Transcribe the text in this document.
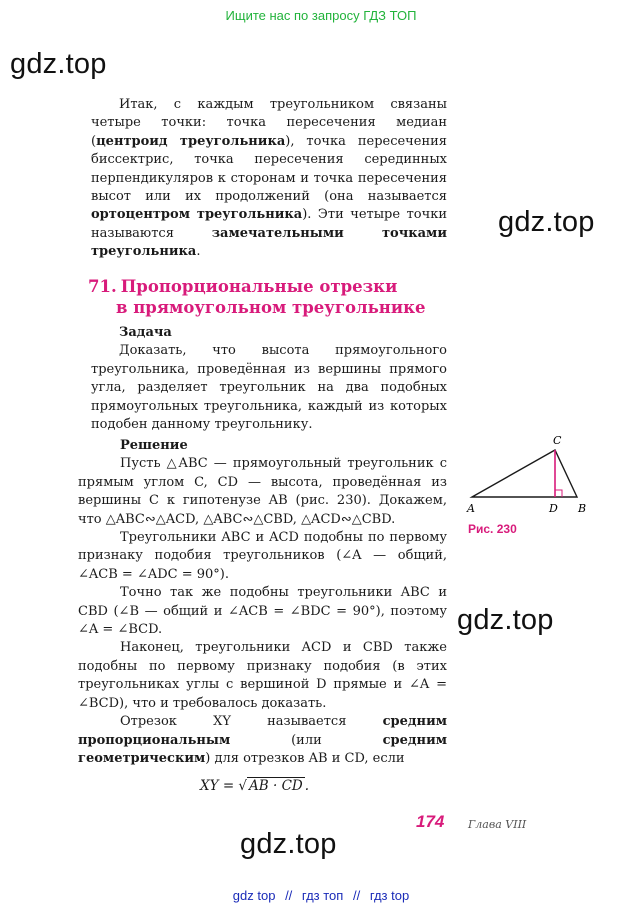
Ищите нас по запросу ГДЗ ТОП
gdz.top
gdz.top
gdz.top
gdz.top

Итак, с каждым треугольником связаны четыре точки: точка пересечения медиан (центроид треугольника), точка пересечения биссектрис, точка пересечения серединных перпендикуляров к сторонам и точка пересечения высот или их продолжений (она называется ортоцентром треугольника). Эти четыре точки называются замечательными точками треугольника.

71. Пропорциональные отрезки
в прямоугольном треугольнике

Задача

Доказать, что высота прямоугольного треугольника, проведённая из вершины прямого угла, разделяет треугольник на два подобных прямоугольных треугольника, каждый из которых подобен данному треугольнику.

Решение

Пусть △ABC — прямоугольный треугольник с прямым углом C, CD — высота, проведённая из вершины C к гипотенузе AB (рис. 230). Докажем, что △ABC∾△ACD, △ABC∾△CBD, △ACD∾△CBD.

Треугольники ABC и ACD подобны по первому признаку подобия треугольников (∠A — общий, ∠ACB = ∠ADC = 90°).

Точно так же подобны треугольники ABC и CBD (∠B — общий и ∠ACB = ∠BDC = 90°), поэтому ∠A = ∠BCD.

Наконец, треугольники ACD и CBD также подобны по первому признаку подобия (в этих треугольниках углы с вершиной D прямые и ∠A = ∠BCD), что и требовалось доказать.

Отрезок XY называется средним пропорциональным (или средним геометрическим) для отрезков AB и CD, если

XY = √ AB · CD .
A	D B
C
Рис. 230
174 Глава VIII
gdz top // гдз топ // гдз top
